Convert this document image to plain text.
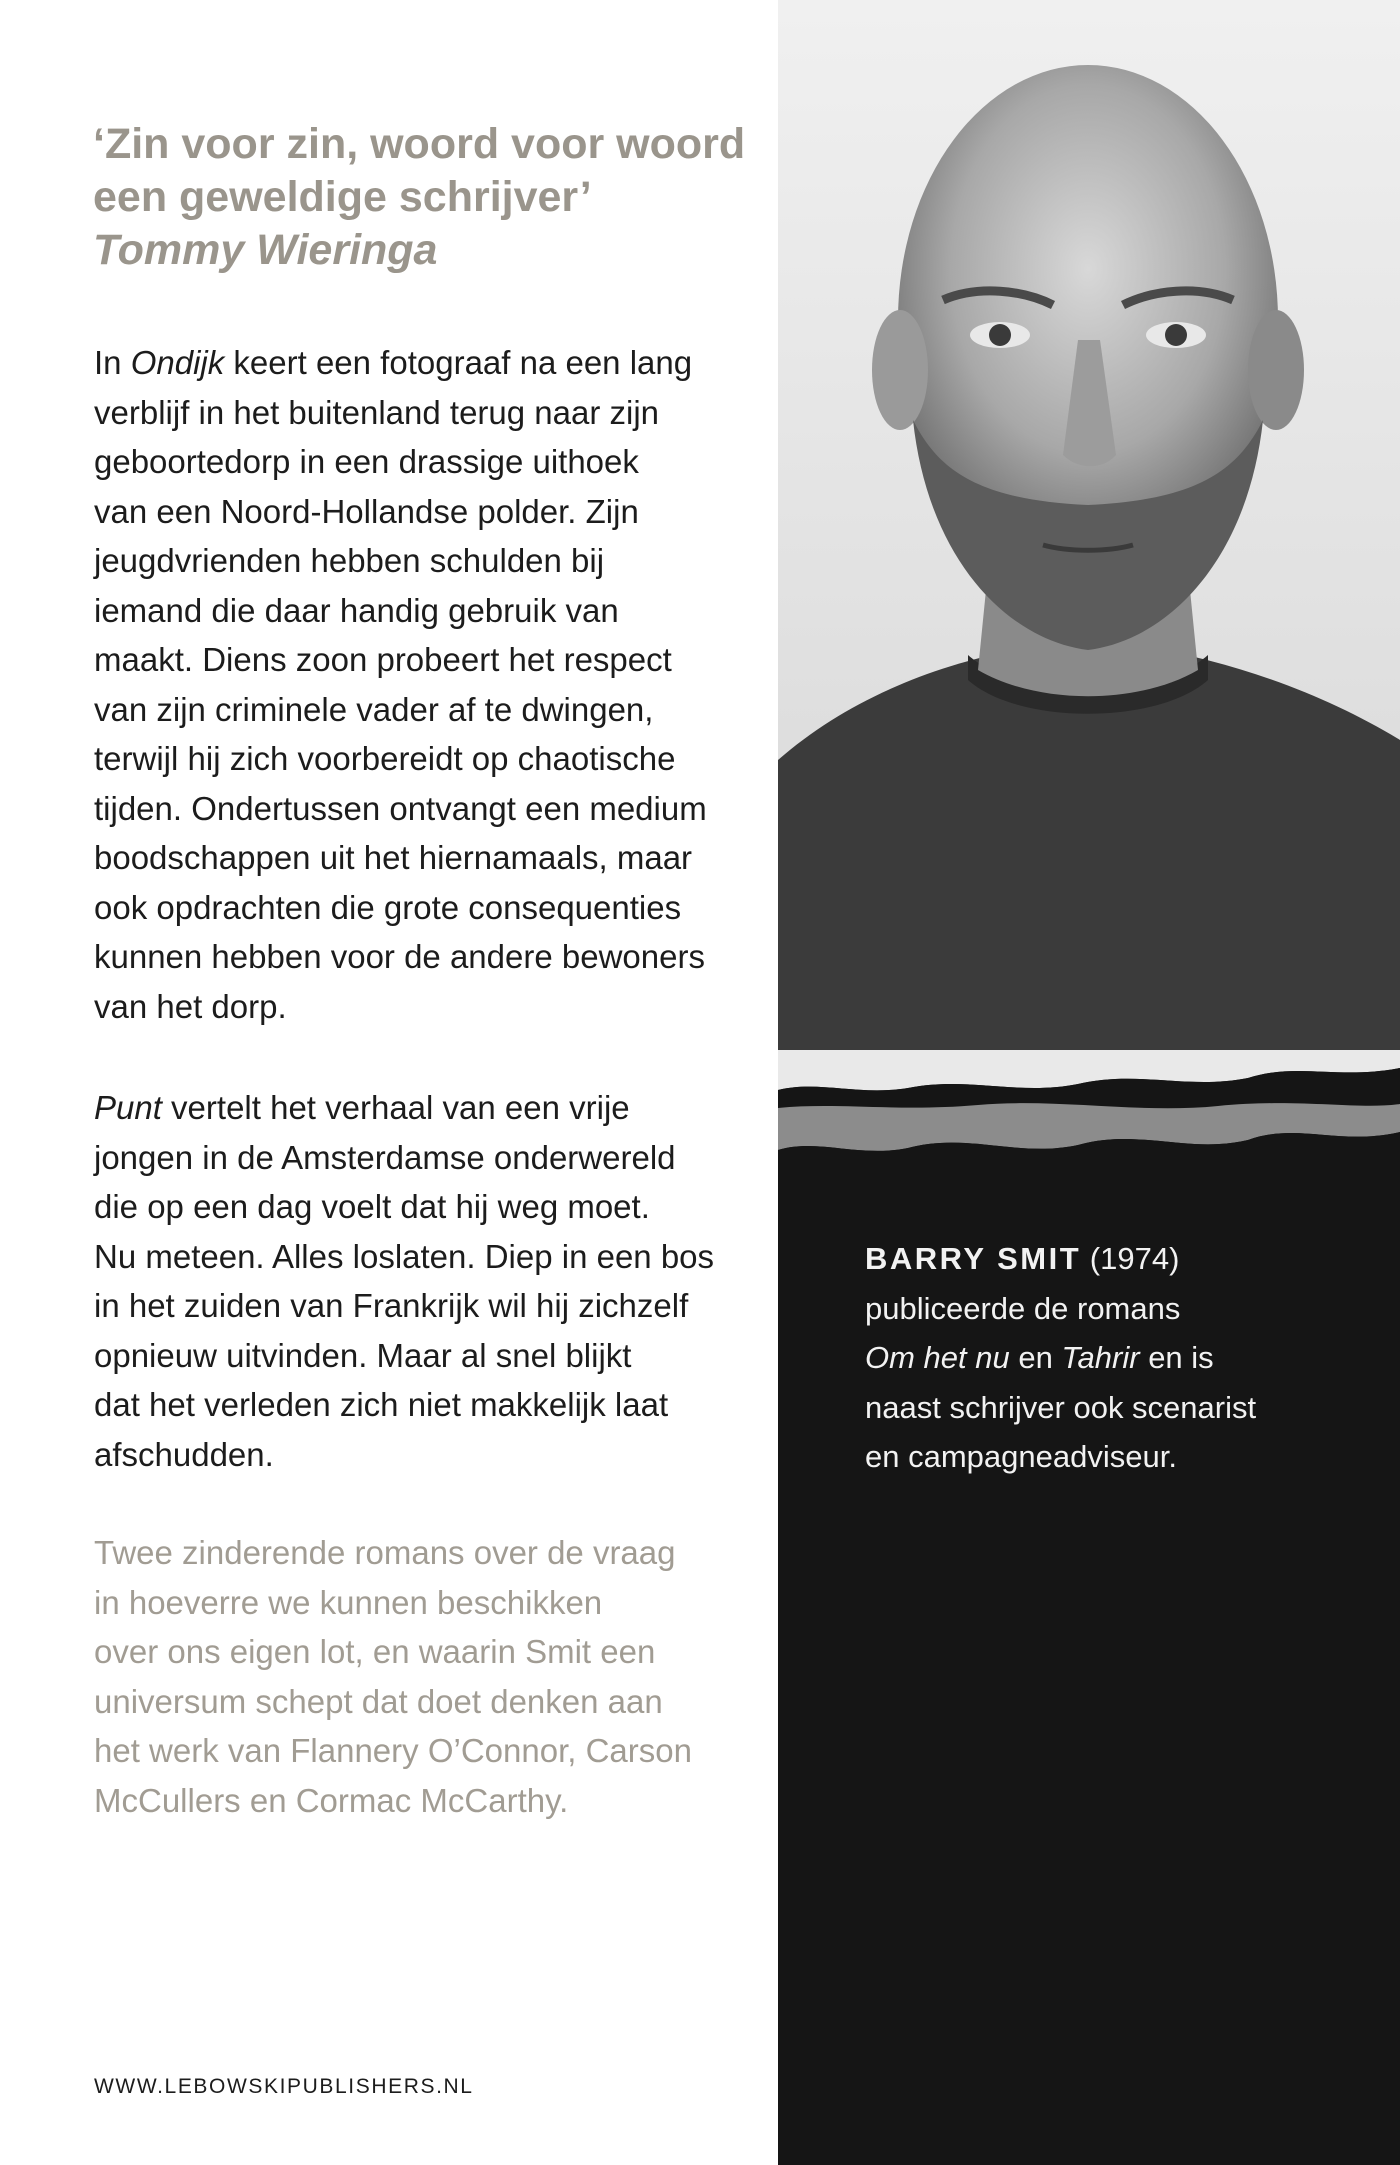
‘Zin voor zin, woord voor woord
een geweldige schrijver’
Tommy Wieringa
In Ondijk keert een fotograaf na een lang
verblijf in het buitenland terug naar zijn
geboortedorp in een drassige uithoek
van een Noord-Hollandse polder. Zijn
jeugdvrienden hebben schulden bij
iemand die daar handig gebruik van
maakt. Diens zoon probeert het respect
van zijn criminele vader af te dwingen,
terwijl hij zich voorbereidt op chaotische
tijden. Ondertussen ontvangt een medium
boodschappen uit het hiernamaals, maar
ook opdrachten die grote consequenties
kunnen hebben voor de andere bewoners
van het dorp.
Punt vertelt het verhaal van een vrije
jongen in de Amsterdamse onderwereld
die op een dag voelt dat hij weg moet.
Nu meteen. Alles loslaten. Diep in een bos
in het zuiden van Frankrijk wil hij zichzelf
opnieuw uitvinden. Maar al snel blijkt
dat het verleden zich niet makkelijk laat
afschudden.
Twee zinderende romans over de vraag
in hoeverre we kunnen beschikken
over ons eigen lot, en waarin Smit een
universum schept dat doet denken aan
het werk van Flannery O’Connor, Carson
McCullers en Cormac McCarthy.
WWW.LEBOWSKIPUBLISHERS.NL
BARRY SMIT (1974)
publiceerde de romans
Om het nu en Tahrir en is
naast schrijver ook scenarist
en campagneadviseur.
